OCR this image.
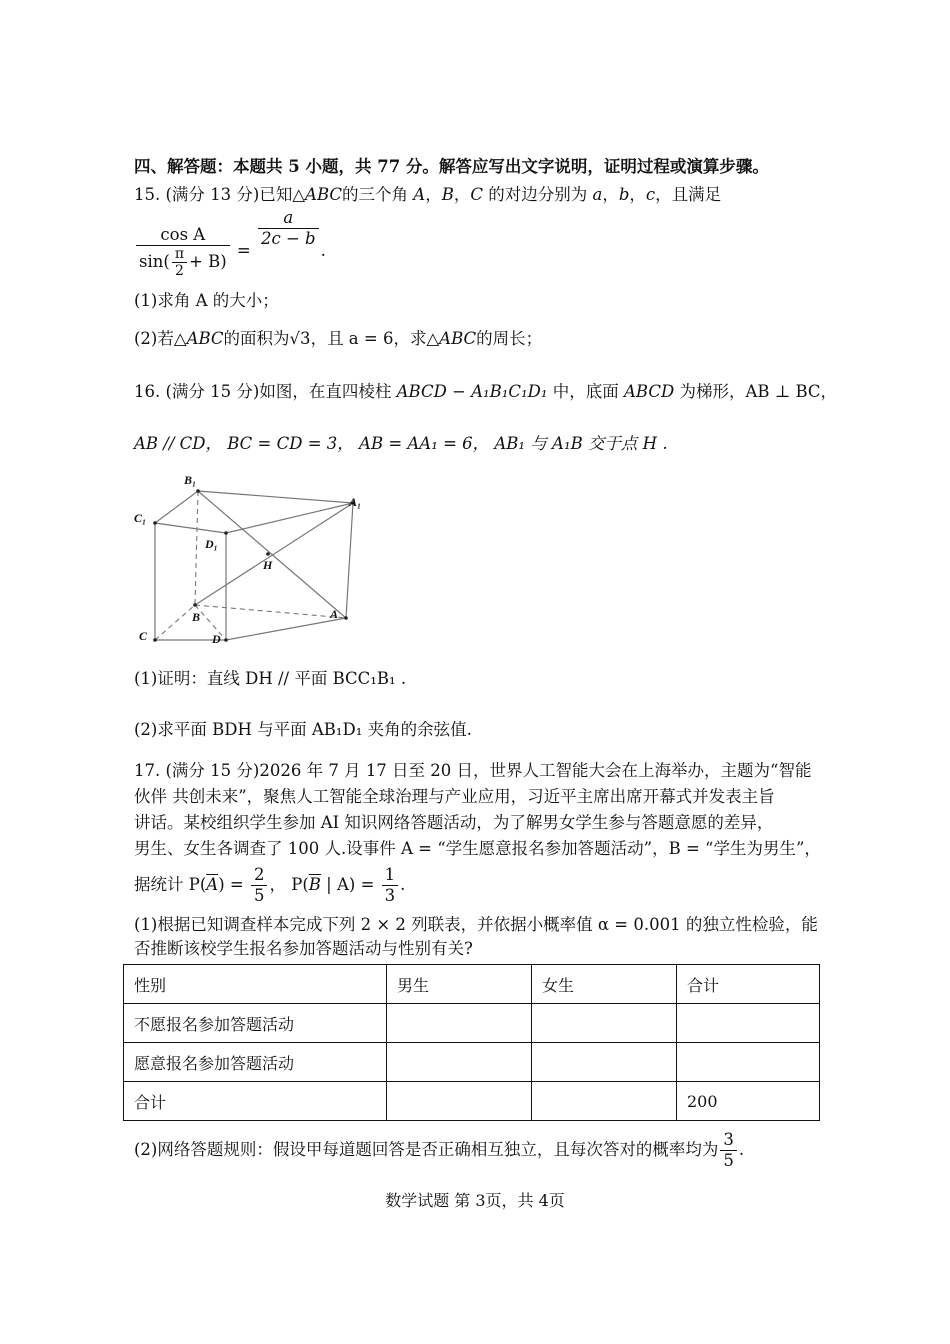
四、解答题：本题共 5 小题，共 77 分。解答应写出文字说明，证明过程或演算步骤。
15. (满分 13 分)已知△ABC的三个角 A，B，C 的对边分别为 a，b，c，且满足
$\frac{\text{cos A}}{\sin( \frac{\pi}{2} + B)}$ =
$\frac{a}{2c - b}$
.
(1)求角 A 的大小；
(2)若△ABC的面积为√3，且 a = 6，求△ABC的周长；
16. (满分 15 分)如图，在直四棱柱 ABCD − A₁B₁C₁D₁ 中，底面 ABCD 为梯形，AB ⊥ BC，
AB // CD， BC = CD = 3， AB = AA₁ = 6， AB₁ 与 A₁B 交于点 H .
B₁
A₁
C₁
D₁
H
B	A
C	D
(1)证明：直线 DH // 平面 BCC₁B₁ .
(2)求平面 BDH 与平面 AB₁D₁ 夹角的余弦值.
17. (满分 15 分)2026 年 7 月 17 日至 20 日，世界人工智能大会在上海举办，主题为“智能
伙伴 共创未来”，聚焦人工智能全球治理与产业应用，习近平主席出席开幕式并发表主旨
讲话。某校组织学生参加 AI 知识网络答题活动，为了解男女学生参与答题意愿的差异，
男生、女生各调查了 100 人.设事件 A = “学生愿意报名参加答题活动”，B = “学生为男生”，
据统计 $P(\overline{A}) = \frac{2}{5}$ ， $P(\overline{B}$ | $A) = \frac{1}{3}$ .
(1)根据已知调查样本完成下列 2 × 2 列联表，并依据小概率值 α = 0.001 的独立性检验，能
否推断该校学生报名参加答题活动与性别有关?
性别	男生	女生	合计
不愿报名参加答题活动			
愿意报名参加答题活动			
合计			200
(2)网络答题规则：假设甲每道题回答是否正确相互独立，且每次答对的概率均为 $\frac{3}{5}$ .
数学试题 第 3页，共 4页
